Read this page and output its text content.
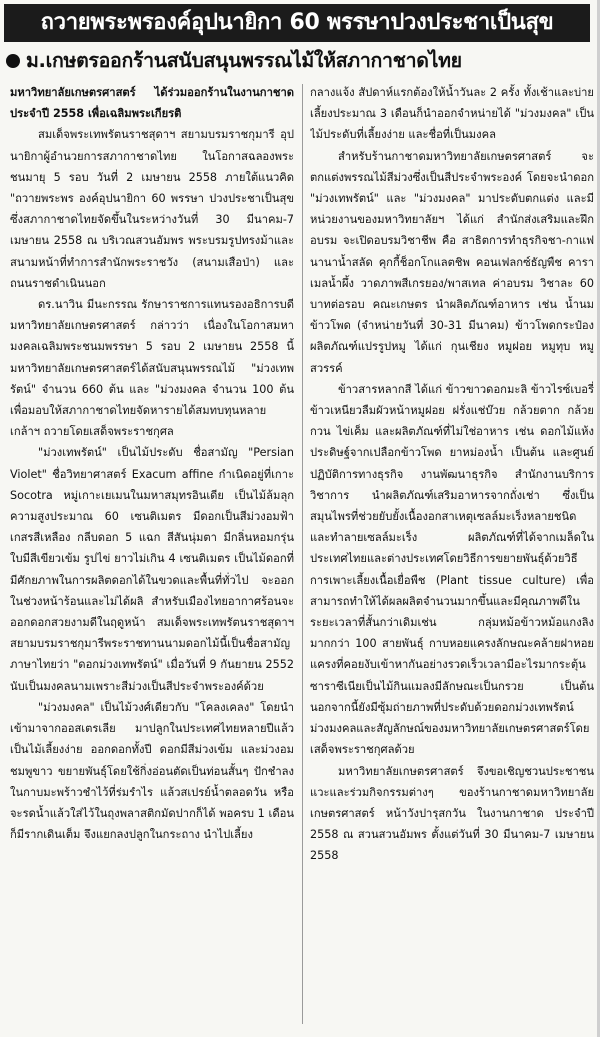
ถวายพระพรองค์อุปนายิกา 60 พรรษาปวงประชาเป็นสุข
ม.เกษตรออกร้านสนับสนุนพรรณไม้ให้สภากาชาดไทย

มหาวิทยาลัยเกษตรศาสตร์ ได้ร่วมออกร้านในงานกาชาดประจำปี 2558 เพื่อเฉลิมพระเกียรติ

สมเด็จพระเทพรัตนราชสุดาฯ สยามบรมราชกุมารี อุปนายิกาผู้อำนวยการสภากาชาดไทย ในโอกาสฉลองพระชนมายุ 5 รอบ วันที่ 2 เมษายน 2558 ภายใต้แนวคิด "ถวายพระพร องค์อุปนายิกา 60 พรรษา ปวงประชาเป็นสุข ซึ่งสภากาชาดไทยจัดขึ้นในระหว่างวันที่ 30 มีนาคม-7 เมษายน 2558 ณ บริเวณสวนอัมพร พระบรมรูปทรงม้าและสนามหน้าที่ทำการสำนักพระราชวัง (สนามเสือป่า) และถนนราชดำเนินนอก

ดร.นาวิน มีนะกรรณ รักษาราชการแทนรองอธิการบดีมหาวิทยาลัยเกษตรศาสตร์ กล่าวว่า เนื่องในโอกาสมหามงคลเฉลิมพระชนมพรรษา 5 รอบ 2 เมษายน 2558 นี้ มหาวิทยาลัยเกษตรศาสตร์ได้สนับสนุนพรรณไม้ "ม่วงเทพรัตน์" จำนวน 660 ต้น และ "ม่วงมงคล จำนวน 100 ต้น เพื่อมอบให้สภากาชาดไทยจัดหารายได้สมทบทุนหลายเกล้าฯ ถวายโดยเสด็จพระราชกุศล

"ม่วงเทพรัตน์" เป็นไม้ประดับ ชื่อสามัญ "Persian Violet" ชื่อวิทยาศาสตร์ Exacum affine กำเนิดอยู่ที่เกาะ Socotra หมู่เกาะเยเมนในมหาสมุทรอินเดีย เป็นไม้ล้มลุกความสูงประมาณ 60 เซนติเมตร มีดอกเป็นสีม่วงอมฟ้า เกสรสีเหลือง กลีบดอก 5 แฉก สีสันนุ่มตา มีกลิ่นหอมกรุ่น ใบมีสีเขียวเข้ม รูปไข่ ยาวไม่เกิน 4 เซนติเมตร เป็นไม้ดอกที่มีศักยภาพในการผลิตดอกได้ในขวดและพื้นที่ทั่วไป จะออกในช่วงหน้าร้อนและไม่ได้ผลิ สำหรับเมืองไทยอากาศร้อนจะออกดอกสวยงามดีในฤดูหน้า สมเด็จพระเทพรัตนราชสุดาฯ สยามบรมราชกุมารีพระราชทานนามดอกไม้นี้เป็นชื่อสามัญภาษาไทยว่า "ดอกม่วงเทพรัตน์" เมื่อวันที่ 9 กันยายน 2552 นับเป็นมงคลนามเพราะสีม่วงเป็นสีประจำพระองค์ด้วย

"ม่วงมงคล" เป็นไม้วงศ์เดียวกับ "โคลงเคลง" โดยนำเข้ามาจากออสเตรเลีย มาปลูกในประเทศไทยหลายปีแล้ว เป็นไม้เลี้ยงง่าย ออกดอกทั้งปี ดอกมีสีม่วงเข้ม และม่วงอมชมพูขาว ขยายพันธุ์โดยใช้กิ่งอ่อนตัดเป็นท่อนสั้นๆ ปักชำลงในกาบมะพร้าวชำไว้ที่ร่มรำไร แล้วสเปรย์น้ำตลอดวัน หรือจะรดน้ำแล้วใส่ไว้ในถุงพลาสติกมัดปากก็ได้ พอครบ 1 เดือนก็มีรากเดินเต็ม จึงแยกลงปลูกในกระถาง นำไปเลี้ยง

กลางแจ้ง สัปดาห์แรกต้องให้น้ำวันละ 2 ครั้ง ทั้งเช้าและบ่าย เลี้ยงประมาณ 3 เดือนก็นำออกจำหน่ายได้ "ม่วงมงคล" เป็นไม้ประดับที่เลี้ยงง่าย และชื่อที่เป็นมงคล

สำหรับร้านกาชาดมหาวิทยาลัยเกษตรศาสตร์ จะตกแต่งพรรณไม้สีม่วงซึ่งเป็นสีประจำพระองค์ โดยจะนำดอก "ม่วงเทพรัตน์" และ "ม่วงมงคล" มาประดับตกแต่ง และมีหน่วยงานของมหาวิทยาลัยฯ ได้แก่ สำนักส่งเสริมและฝึกอบรม จะเปิดอบรมวิชาชีพ คือ สาธิตการทำธุรกิจชา-กาแฟ นานาน้ำสลัด คุกกี้ช็อกโกแลตชิพ คอนเฟลกซ์ธัญพืช คาราเมลน้ำผึ้ง วาดภาพสีเกรยอง/พาสเทล ค่าอบรม วิชาละ 60 บาทต่อรอบ คณะเกษตร นำผลิตภัณฑ์อาหาร เช่น น้ำนมข้าวโพด (จำหน่ายวันที่ 30-31 มีนาคม) ข้าวโพดกระป๋อง ผลิตภัณฑ์แปรรูปหมู ได้แก่ กุนเชียง หมูฝอย หมูทุบ หมูสวรรค์

ข้าวสารหลากสี ได้แก่ ข้าวขาวดอกมะลิ ข้าวไรซ์เบอรี่ ข้าวเหนียวลืมผัวหน้าหมูฝอย ฝรั่งแช่บ๊วย กล้วยตาก กล้วยกวน ไข่เค็ม และผลิตภัณฑ์ที่ไม่ใช่อาหาร เช่น ดอกไม้แห้งประดิษฐ์จากเปลือกข้าวโพด ยาหม่องน้ำ เป็นต้น และศูนย์ปฏิบัติการทางธุรกิจ งานพัฒนาธุรกิจ สำนักงานบริการวิชาการ นำผลิตภัณฑ์เสริมอาหารจากถั่งเช่า ซึ่งเป็นสมุนไพรที่ช่วยยับยั้งเนื้องอกสาเหตุเซลล์มะเร็งหลายชนิด และทำลายเซลล์มะเร็ง ผลิตภัณฑ์ที่ได้จากเมล็ดในประเทศไทยและต่างประเทศโดยวิธีการขยายพันธุ์ด้วยวิธีการเพาะเลี้ยงเนื้อเยื่อพืช (Plant tissue culture) เพื่อสามารถทำให้ได้ผลผลิตจำนวนมากขึ้นและมีคุณภาพดีในระยะเวลาที่สั้นกว่าเดิมเช่น กลุ่มหม้อข้าวหม้อแกงลิง มากกว่า 100 สายพันธุ์ กาบหอยแครงลักษณะคล้ายฝาหอยแครงที่คอยงับเข้าหากันอย่างรวดเร็วเวลามีอะไรมากระตุ้น ซาราซีเนียเป็นไม้กินแมลงมีลักษณะเป็นกรวย เป็นต้น นอกจากนี้ยังมีซุ้มถ่ายภาพที่ประดับด้วยดอกม่วงเทพรัตน์ ม่วงมงคลและสัญลักษณ์ของมหาวิทยาลัยเกษตรศาสตร์โดยเสด็จพระราชกุศลด้วย

มหาวิทยาลัยเกษตรศาสตร์ จึงขอเชิญชวนประชาชนแวะและร่วมกิจกรรมต่างๆ ของร้านกาชาดมหาวิทยาลัยเกษตรศาสตร์ หน้าวังปารุสกวัน ในงานกาชาด ประจำปี 2558 ณ สวนสวนอัมพร ตั้งแต่วันที่ 30 มีนาคม-7 เมษายน 2558
